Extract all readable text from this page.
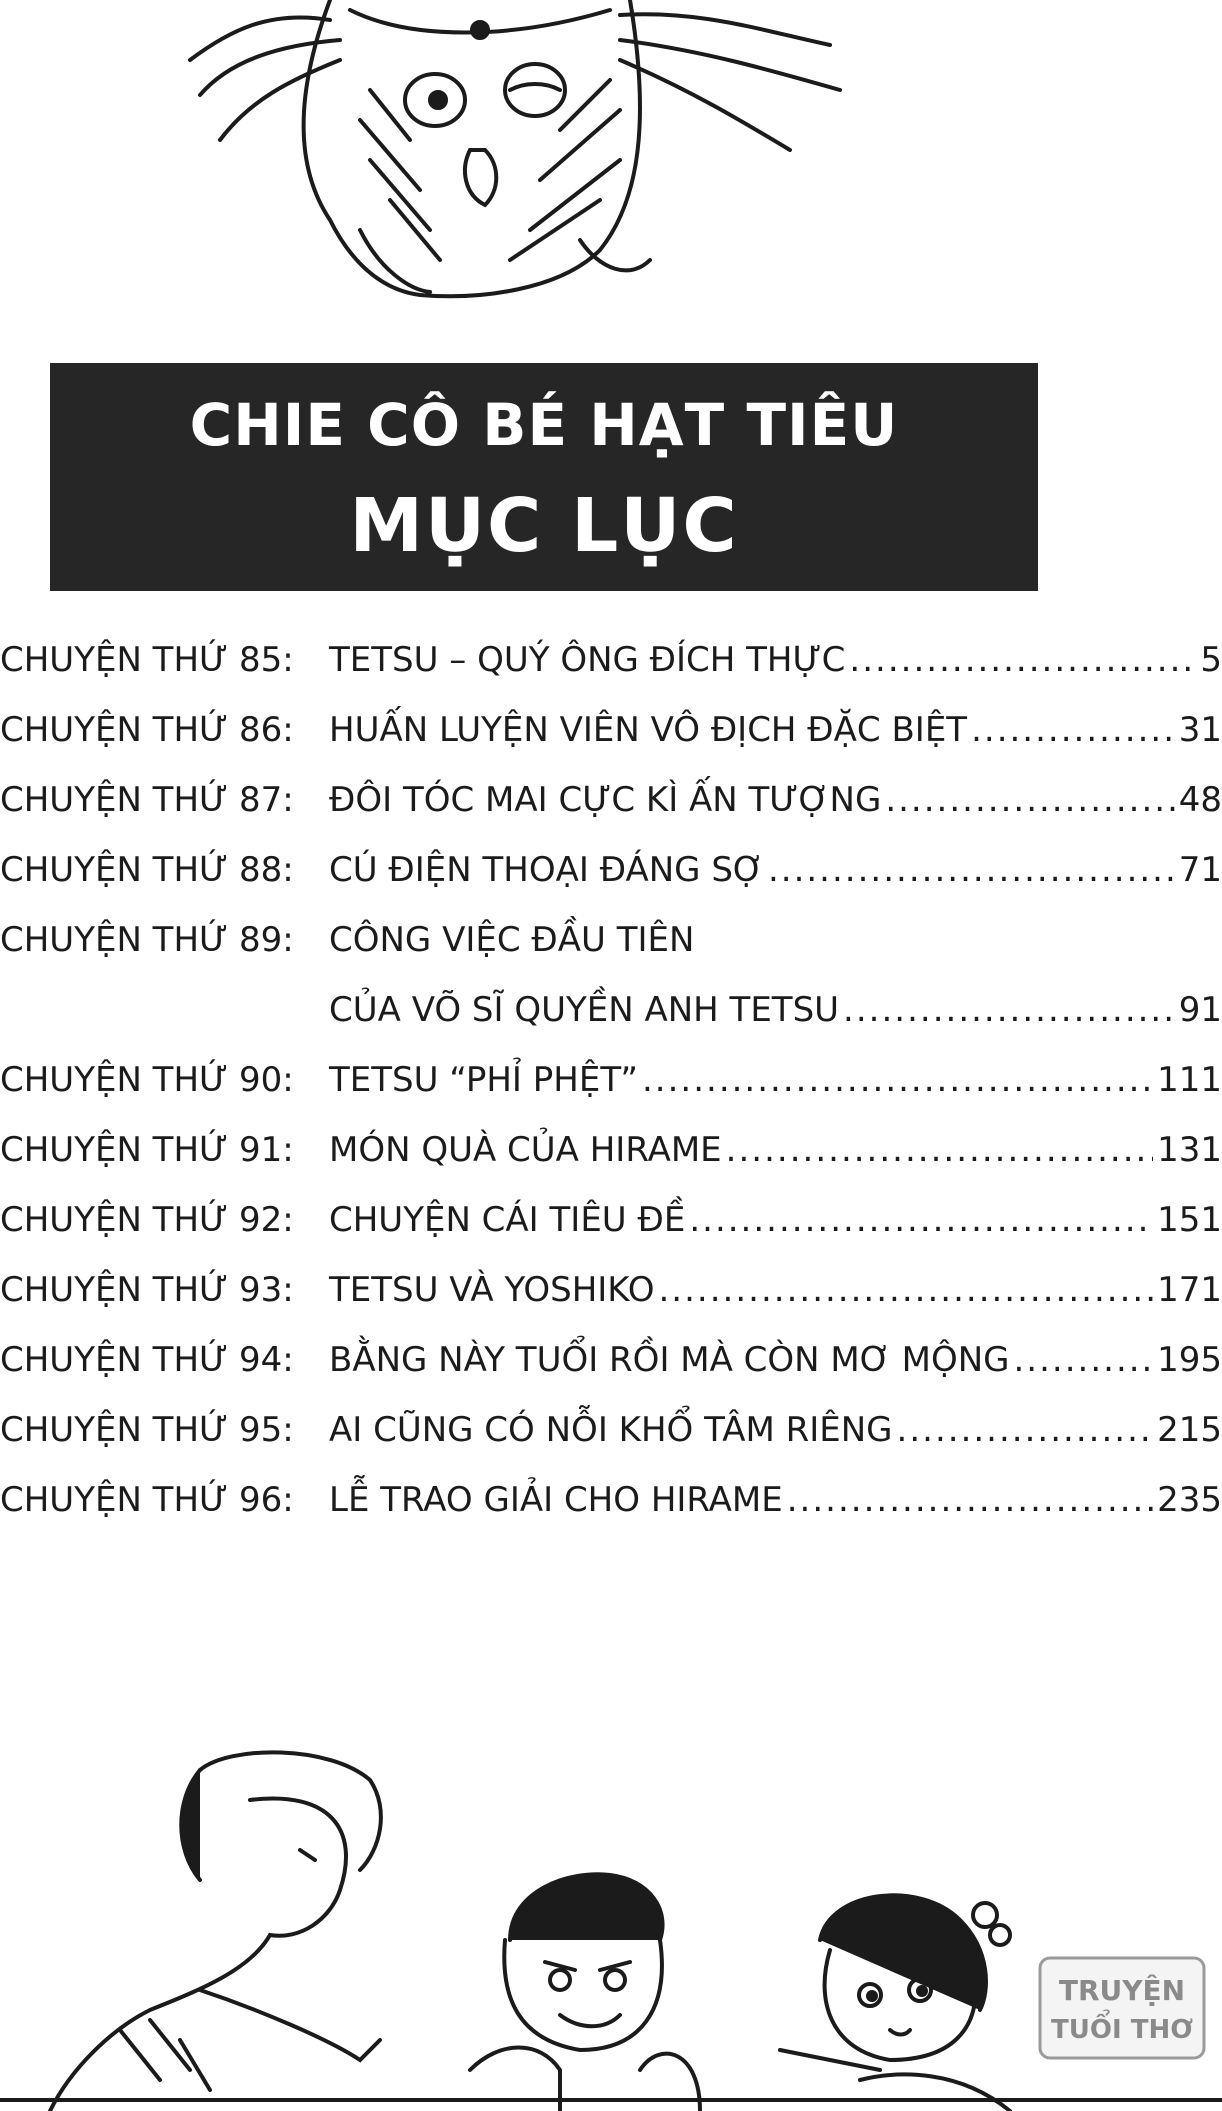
CHIE CÔ BÉ HẠT TIÊU
MỤC LỤC
CHUYỆN THỨ 85: TETSU – QUÝ ÔNG ĐÍCH THỰC .....	5
CHUYỆN THỨ 86: HUẤN LUYỆN VIÊN VÔ ĐỊCH ĐẶC BIỆT .....	31
CHUYỆN THỨ 87: ĐÔI TÓC MAI CỰC KÌ ẤN TƯỢNG .....	48
CHUYỆN THỨ 88: CÚ ĐIỆN THOẠI ĐÁNG SỢ .....	71
CHUYỆN THỨ 89: CÔNG VIỆC ĐẦU TIÊN
CỦA VÕ SĨ QUYỀN ANH TETSU .....	91
CHUYỆN THỨ 90: TETSU “PHỈ PHỆT” .....	111
CHUYỆN THỨ 91: MÓN QUÀ CỦA HIRAME .....	131
CHUYỆN THỨ 92: CHUYỆN CÁI TIÊU ĐỀ .....	151
CHUYỆN THỨ 93: TETSU VÀ YOSHIKO .....	171
CHUYỆN THỨ 94: BẰNG NÀY TUỔI RỒI MÀ CÒN MƠ MỘNG .....	195
CHUYỆN THỨ 95: AI CŨNG CÓ NỖI KHỔ TÂM RIÊNG .....	215
CHUYỆN THỨ 96: LỄ TRAO GIẢI CHO HIRAME .....	235
TRUYỆN
TUỔI THƠ
